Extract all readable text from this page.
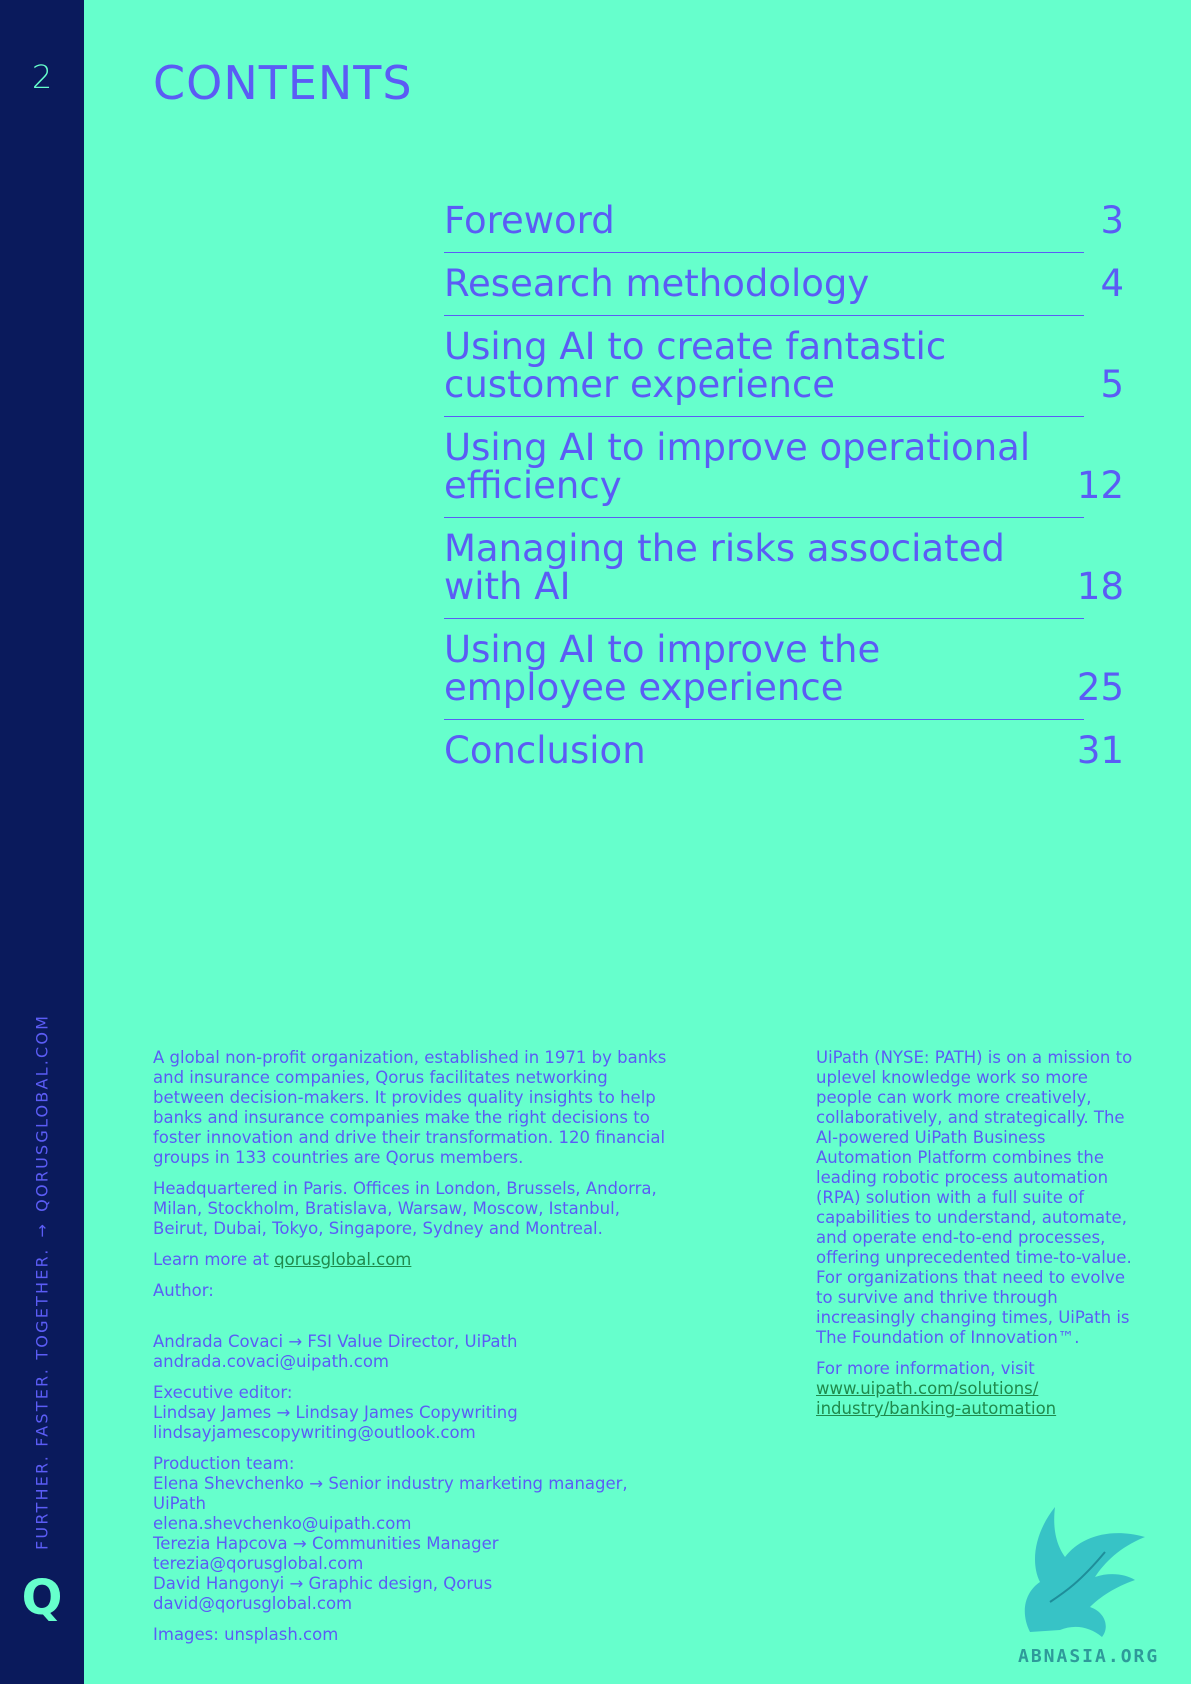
2
FURTHER. FASTER. TOGETHER.→QORUSGLOBAL.COM
Q
CONTENTS
Foreword	3
Research methodology	4
Using AI to create fantastic customer experience	5
Using AI to improve operational efficiency	12
Managing the risks associated with AI	18
Using AI to improve the employee experience	25
Conclusion	31

A global non-profit organization, established in 1971 by banks and insurance companies, Qorus facilitates networking between decision-makers. It provides quality insights to help banks and insurance companies make the right decisions to foster innovation and drive their transformation. 120 financial groups in 133 countries are Qorus members.

Headquartered in Paris. Offices in London, Brussels, Andorra, Milan, Stockholm, Bratislava, Warsaw, Moscow, Istanbul, Beirut, Dubai, Tokyo, Singapore, Sydney and Montreal.

Learn more at qorusglobal.com

Author:

Andrada Covaci → FSI Value Director, UiPath
andrada.covaci@uipath.com

Executive editor:
Lindsay James → Lindsay James Copywriting
lindsayjamescopywriting@outlook.com

Production team:
Elena Shevchenko → Senior industry marketing manager, UiPath
elena.shevchenko@uipath.com
Terezia Hapcova → Communities Manager
terezia@qorusglobal.com
David Hangonyi → Graphic design, Qorus
david@qorusglobal.com

Images: unsplash.com

UiPath (NYSE: PATH) is on a mission to uplevel knowledge work so more people can work more creatively, collaboratively, and strategically. The AI-powered UiPath Business Automation Platform combines the leading robotic process automation (RPA) solution with a full suite of capabilities to understand, automate, and operate end-to-end processes, offering unprecedented time-to-value. For organizations that need to evolve to survive and thrive through increasingly changing times, UiPath is The Foundation of Innovation™.

For more information, visit
www.uipath.com/solutions/
industry/banking-automation

ABNASIA.ORG
